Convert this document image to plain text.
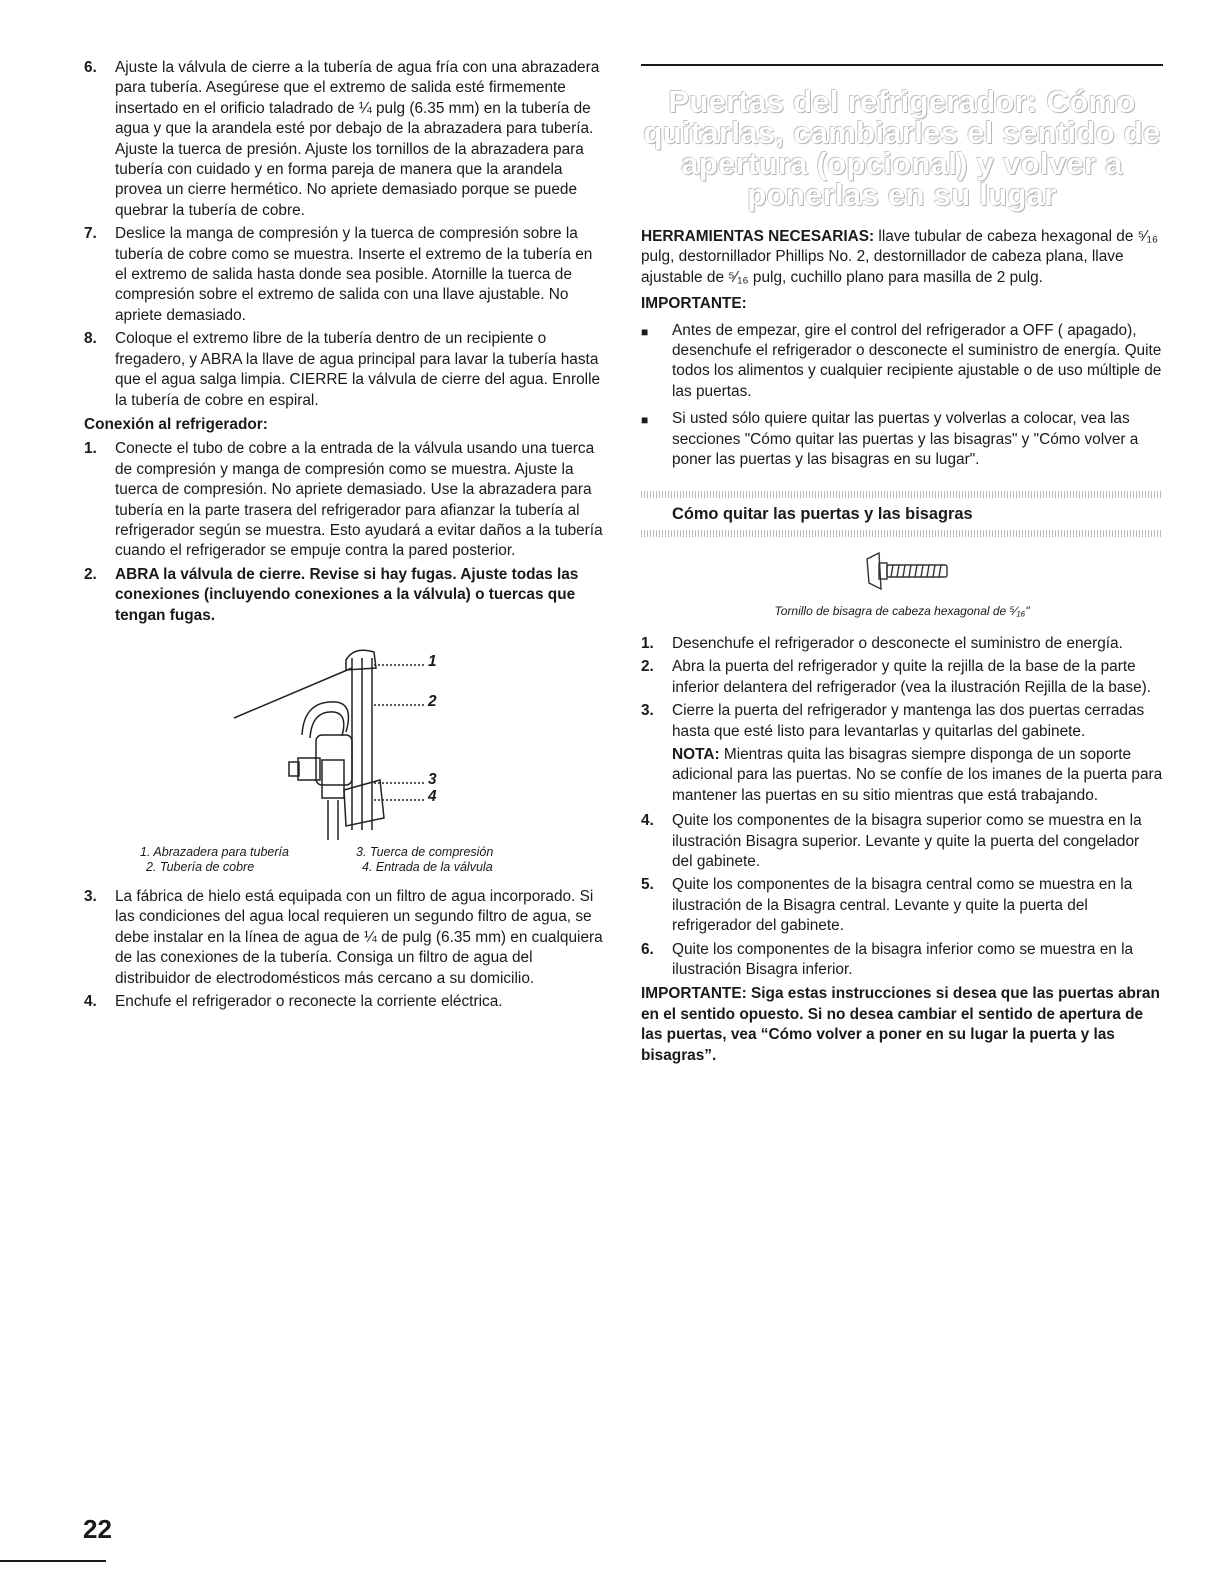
6.	Ajuste la válvula de cierre a la tubería de agua fría con una abrazadera para tubería. Asegúrese que el extremo de salida esté firmemente insertado en el orificio taladrado de ¼ pulg (6.35 mm) en la tubería de agua y que la arandela esté por debajo de la abrazadera para tubería. Ajuste la tuerca de presión. Ajuste los tornillos de la abrazadera para tubería con cuidado y en forma pareja de manera que la arandela provea un cierre hermético. No apriete demasiado porque se puede quebrar la tubería de cobre.
7.	Deslice la manga de compresión y la tuerca de compresión sobre la tubería de cobre como se muestra. Inserte el extremo de la tubería en el extremo de salida hasta donde sea posible. Atornille la tuerca de compresión sobre el extremo de salida con una llave ajustable. No apriete demasiado.
8.	Coloque el extremo libre de la tubería dentro de un recipiente o fregadero, y ABRA la llave de agua principal para lavar la tubería hasta que el agua salga limpia. CIERRE la válvula de cierre del agua. Enrolle la tubería de cobre en espiral.
Conexión al refrigerador:
1.	Conecte el tubo de cobre a la entrada de la válvula usando una tuerca de compresión y manga de compresión como se muestra. Ajuste la tuerca de compresión. No apriete demasiado. Use la abrazadera para tubería en la parte trasera del refrigerador para afianzar la tubería al refrigerador según se muestra. Esto ayudará a evitar daños a la tubería cuando el refrigerador se empuje contra la pared posterior.
2.	ABRA la válvula de cierre. Revise si hay fugas. Ajuste todas las conexiones (incluyendo conexiones a la válvula) o tuercas que tengan fugas.
1
2
3
4
1. Abrazadera para tubería
2. Tubería de cobre
3. Tuerca de compresión
4. Entrada de la válvula
3.	La fábrica de hielo está equipada con un filtro de agua incorporado. Si las condiciones del agua local requieren un segundo filtro de agua, se debe instalar en la línea de agua de ¼ de pulg (6.35 mm) en cualquiera de las conexiones de la tubería. Consiga un filtro de agua del distribuidor de electrodomésticos más cercano a su domicilio.
4.	Enchufe el refrigerador o reconecte la corriente eléctrica.
Puertas del refrigerador: Cómo quitarlas, cambiarles el sentido de apertura (opcional) y volver a ponerlas en su lugar
HERRAMIENTAS NECESARIAS: llave tubular de cabeza hexagonal de ⁵⁄₁₆ pulg, destornillador Phillips No. 2, destornillador de cabeza plana, llave ajustable de ⁵⁄₁₆ pulg, cuchillo plano para masilla de 2 pulg.
IMPORTANTE:
■	Antes de empezar, gire el control del refrigerador a OFF ( apagado), desenchufe el refrigerador o desconecte el suministro de energía. Quite todos los alimentos y cualquier recipiente ajustable o de uso múltiple de las puertas.
■	Si usted sólo quiere quitar las puertas y volverlas a colocar, vea las secciones "Cómo quitar las puertas y las bisagras" y "Cómo volver a poner las puertas y las bisagras en su lugar".
Cómo quitar las puertas y las bisagras
Tornillo de bisagra de cabeza hexagonal de ⁵⁄₁₆"
1.	Desenchufe el refrigerador o desconecte el suministro de energía.
2.	Abra la puerta del refrigerador y quite la rejilla de la base de la parte inferior delantera del refrigerador (vea la ilustración Rejilla de la base).
3.	Cierre la puerta del refrigerador y mantenga las dos puertas cerradas hasta que esté listo para levantarlas y quitarlas del gabinete.
NOTA: Mientras quita las bisagras siempre disponga de un soporte adicional para las puertas. No se confíe de los imanes de la puerta para mantener las puertas en su sitio mientras que está trabajando.
4.	Quite los componentes de la bisagra superior como se muestra en la ilustración Bisagra superior. Levante y quite la puerta del congelador del gabinete.
5.	Quite los componentes de la bisagra central como se muestra en la ilustración de la Bisagra central. Levante y quite la puerta del refrigerador del gabinete.
6.	Quite los componentes de la bisagra inferior como se muestra en la ilustración Bisagra inferior.
IMPORTANTE: Siga estas instrucciones si desea que las puertas abran en el sentido opuesto. Si no desea cambiar el sentido de apertura de las puertas, vea “Cómo volver a poner en su lugar la puerta y las bisagras”.
22
